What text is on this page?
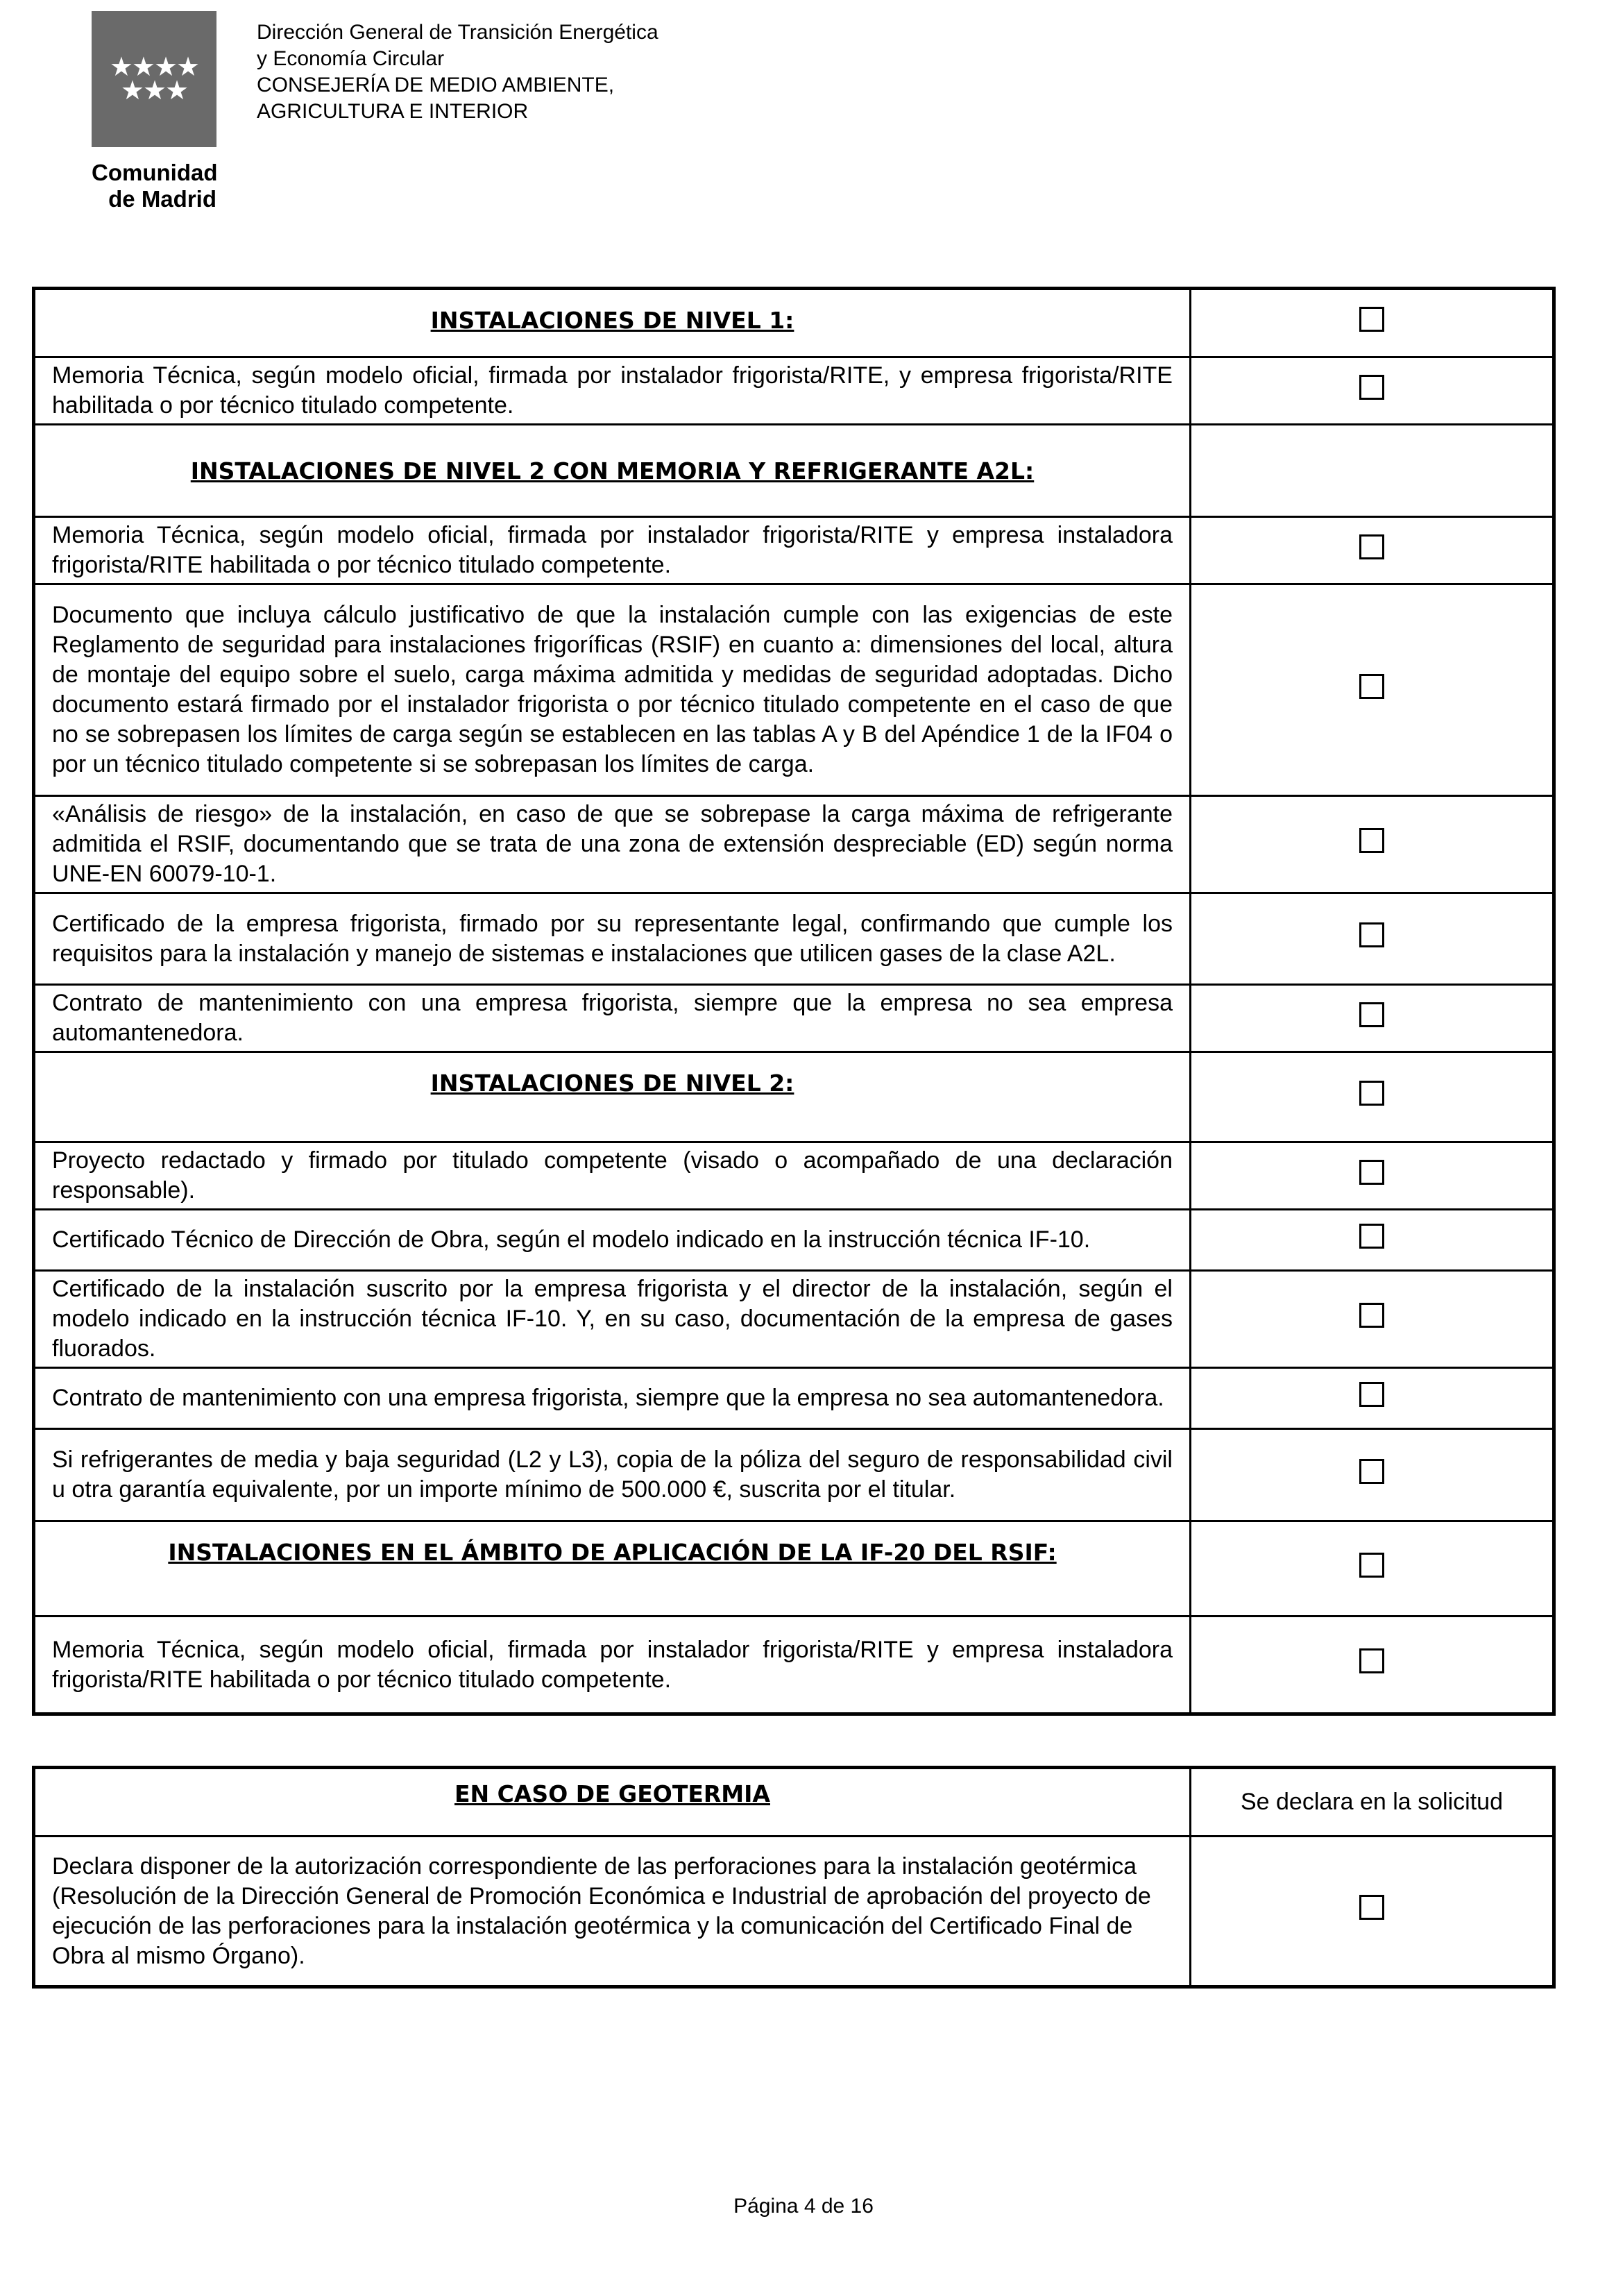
★★★★
★★★
Comunidad de Madrid
Dirección General de Transición Energética
y Economía Circular
CONSEJERÍA DE MEDIO AMBIENTE,
AGRICULTURA E INTERIOR
INSTALACIONES DE NIVEL 1:	
Memoria Técnica, según modelo oficial, firmada por instalador frigorista/RITE, y empresa frigorista/RITE habilitada o por técnico titulado competente.	
INSTALACIONES DE NIVEL 2 CON MEMORIA Y REFRIGERANTE A2L:	
Memoria Técnica, según modelo oficial, firmada por instalador frigorista/RITE y empresa instaladora frigorista/RITE habilitada o por técnico titulado competente.	
Documento que incluya cálculo justificativo de que la instalación cumple con las exigencias de este Reglamento de seguridad para instalaciones frigoríficas (RSIF) en cuanto a: dimensiones del local, altura de montaje del equipo sobre el suelo, carga máxima admitida y medidas de seguridad adoptadas. Dicho documento estará firmado por el instalador frigorista o por técnico titulado competente en el caso de que no se sobrepasen los límites de carga según se establecen en las tablas A y B del Apéndice 1 de la IF04 o por un técnico titulado competente si se sobrepasan los límites de carga.	
«Análisis de riesgo» de la instalación, en caso de que se sobrepase la carga máxima de refrigerante admitida el RSIF, documentando que se trata de una zona de extensión despreciable (ED) según norma UNE-EN 60079-10-1.	
Certificado de la empresa frigorista, firmado por su representante legal, confirmando que cumple los requisitos para la instalación y manejo de sistemas e instalaciones que utilicen gases de la clase A2L.	
Contrato de mantenimiento con una empresa frigorista, siempre que la empresa no sea empresa automantenedora.	
INSTALACIONES DE NIVEL 2:	
Proyecto redactado y firmado por titulado competente (visado o acompañado de una declaración responsable).	
Certificado Técnico de Dirección de Obra, según el modelo indicado en la instrucción técnica IF-10.	
Certificado de la instalación suscrito por la empresa frigorista y el director de la instalación, según el modelo indicado en la instrucción técnica IF-10. Y, en su caso, documentación de la empresa de gases fluorados.	
Contrato de mantenimiento con una empresa frigorista, siempre que la empresa no sea automantenedora.	
Si refrigerantes de media y baja seguridad (L2 y L3), copia de la póliza del seguro de responsabilidad civil u otra garantía equivalente, por un importe mínimo de 500.000 €, suscrita por el titular.	
INSTALACIONES EN EL ÁMBITO DE APLICACIÓN DE LA IF-20 DEL RSIF:	
Memoria Técnica, según modelo oficial, firmada por instalador frigorista/RITE y empresa instaladora frigorista/RITE habilitada o por técnico titulado competente.	
EN CASO DE GEOTERMIA	Se declara en la solicitud
Declara disponer de la autorización correspondiente de las perforaciones para la instalación geotérmica (Resolución de la Dirección General de Promoción Económica e Industrial de aprobación del proyecto de ejecución de las perforaciones para la instalación geotérmica y la comunicación del Certificado Final de Obra al mismo Órgano).	
Página 4 de 16
